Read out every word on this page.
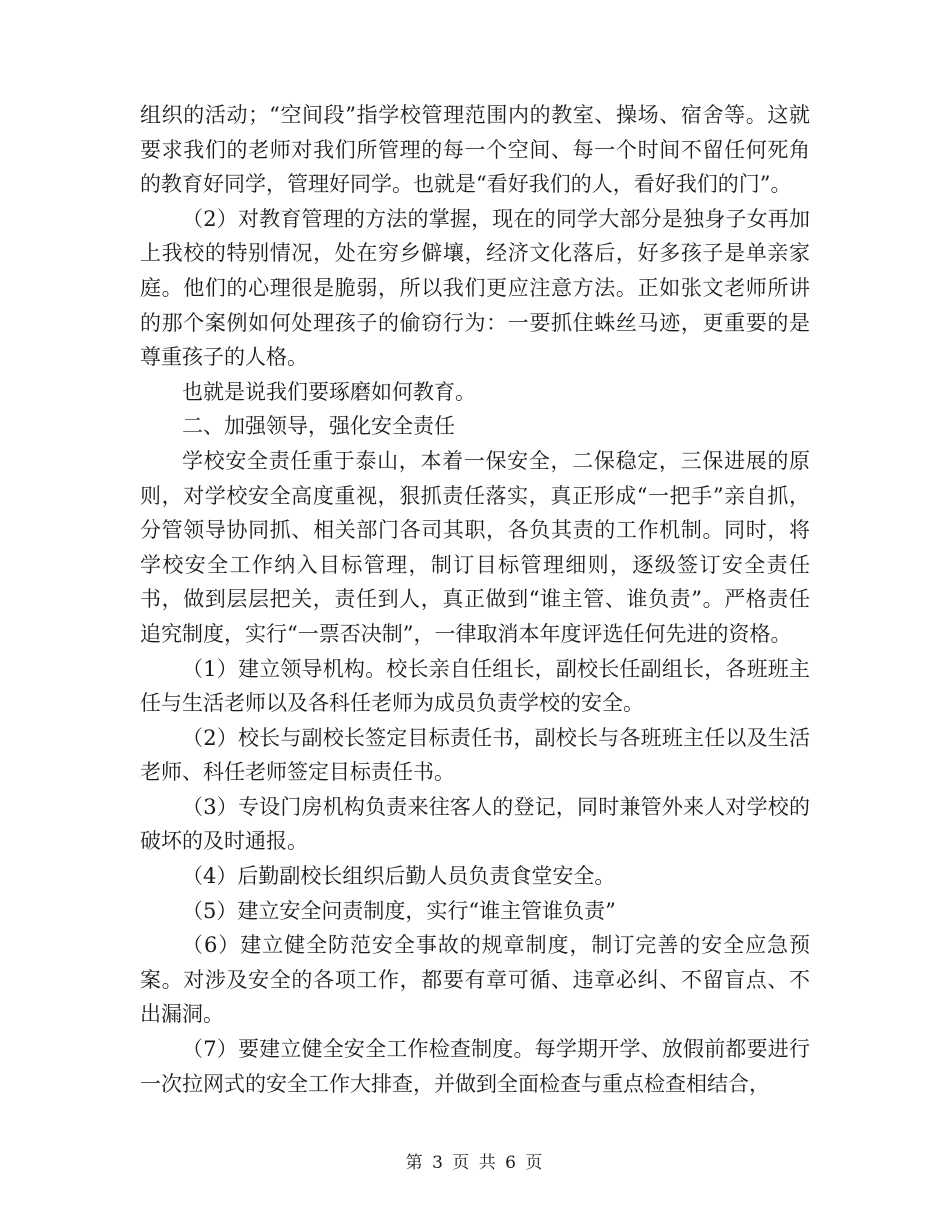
组织的活动；“空间段”指学校管理范围内的教室、操场、宿舍等。这就要求我们的老师对我们所管理的每一个空间、每一个时间不留任何死角的教育好同学，管理好同学。也就是“看好我们的人，看好我们的门”。

（2）对教育管理的方法的掌握，现在的同学大部分是独身子女再加上我校的特别情况，处在穷乡僻壤，经济文化落后，好多孩子是单亲家庭。他们的心理很是脆弱，所以我们更应注意方法。正如张文老师所讲的那个案例如何处理孩子的偷窃行为：一要抓住蛛丝马迹，更重要的是尊重孩子的人格。

也就是说我们要琢磨如何教育。

二、加强领导，强化安全责任

学校安全责任重于泰山，本着一保安全，二保稳定，三保进展的原则，对学校安全高度重视，狠抓责任落实，真正形成“一把手”亲自抓，分管领导协同抓、相关部门各司其职，各负其责的工作机制。同时，将学校安全工作纳入目标管理，制订目标管理细则，逐级签订安全责任书，做到层层把关，责任到人，真正做到“谁主管、谁负责”。严格责任追究制度，实行“一票否决制”，一律取消本年度评选任何先进的资格。

（1）建立领导机构。校长亲自任组长，副校长任副组长，各班班主任与生活老师以及各科任老师为成员负责学校的安全。

（2）校长与副校长签定目标责任书，副校长与各班班主任以及生活老师、科任老师签定目标责任书。

（3）专设门房机构负责来往客人的登记，同时兼管外来人对学校的破坏的及时通报。

（4）后勤副校长组织后勤人员负责食堂安全。

（5）建立安全问责制度，实行“谁主管谁负责”

（6）建立健全防范安全事故的规章制度，制订完善的安全应急预案。对涉及安全的各项工作，都要有章可循、违章必纠、不留盲点、不出漏洞。

（7）要建立健全安全工作检查制度。每学期开学、放假前都要进行一次拉网式的安全工作大排查，并做到全面检查与重点检查相结合，

第 3 页 共 6 页
